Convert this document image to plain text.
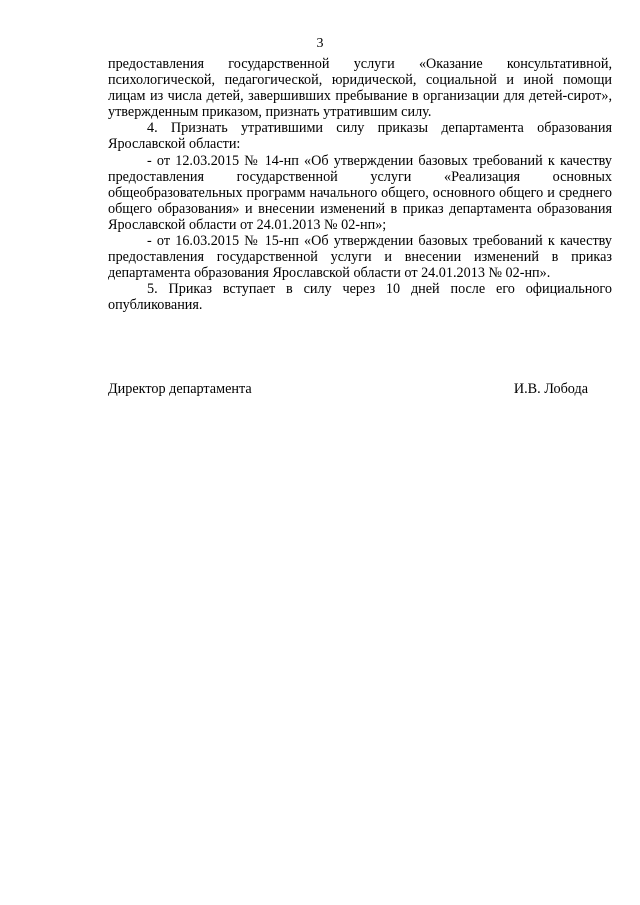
3

предоставления государственной услуги «Оказание консультативной, психологической, педагогической, юридической, социальной и иной помощи лицам из числа детей, завершивших пребывание в организации для детей-сирот», утвержденным приказом, признать утратившим силу.

4. Признать утратившими силу приказы департамента образования Ярославской области:

- от 12.03.2015 № 14-нп «Об утверждении базовых требований к качеству предоставления государственной услуги «Реализация основных общеобразовательных программ начального общего, основного общего и среднего общего образования» и внесении изменений в приказ департамента образования Ярославской области от 24.01.2013 № 02-нп»;

- от 16.03.2015 № 15-нп «Об утверждении базовых требований к качеству предоставления государственной услуги и внесении изменений в приказ департамента образования Ярославской области от 24.01.2013 № 02-нп».

5. Приказ вступает в силу через 10 дней после его официального опубликования.

Директор департамента	И.В. Лобода
